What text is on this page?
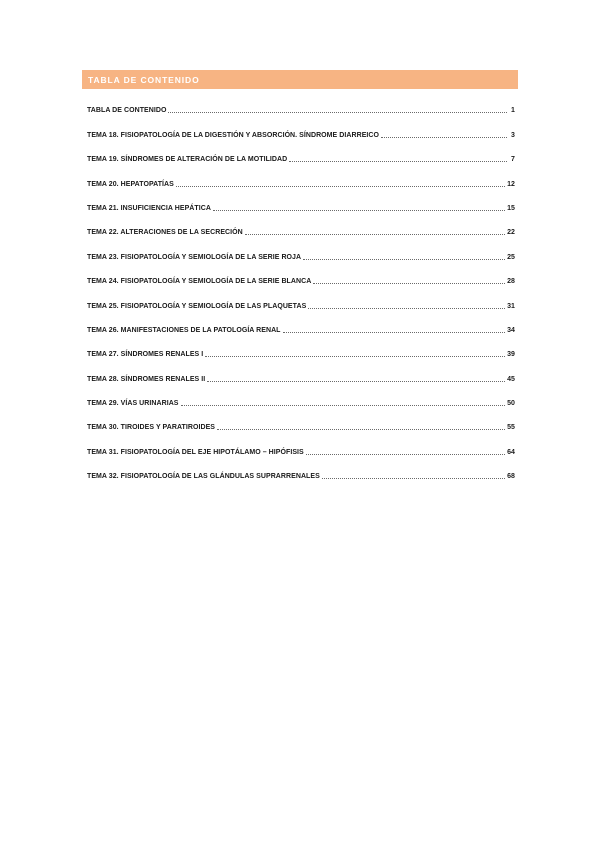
TABLA DE CONTENIDO
TABLA DE CONTENIDO	1
TEMA 18. FISIOPATOLOGÍA DE LA DIGESTIÓN Y ABSORCIÓN. SÍNDROME DIARREICO	3
TEMA 19. SÍNDROMES DE ALTERACIÓN DE LA MOTILIDAD	7
TEMA 20. HEPATOPATÍAS	12
TEMA 21. INSUFICIENCIA HEPÁTICA	15
TEMA 22. ALTERACIONES DE LA SECRECIÓN	22
TEMA 23. FISIOPATOLOGÍA Y SEMIOLOGÍA DE LA SERIE ROJA	25
TEMA 24. FISIOPATOLOGÍA Y SEMIOLOGÍA DE LA SERIE BLANCA	28
TEMA 25. FISIOPATOLOGÍA Y SEMIOLOGÍA DE LAS PLAQUETAS	31
TEMA 26. MANIFESTACIONES DE LA PATOLOGÍA RENAL	34
TEMA 27. SÍNDROMES RENALES I	39
TEMA 28. SÍNDROMES RENALES II	45
TEMA 29. VÍAS URINARIAS	50
TEMA 30. TIROIDES Y PARATIROIDES	55
TEMA 31. FISIOPATOLOGÍA DEL EJE HIPOTÁLAMO – HIPÓFISIS	64
TEMA 32. FISIOPATOLOGÍA DE LAS GLÁNDULAS SUPRARRENALES	68
